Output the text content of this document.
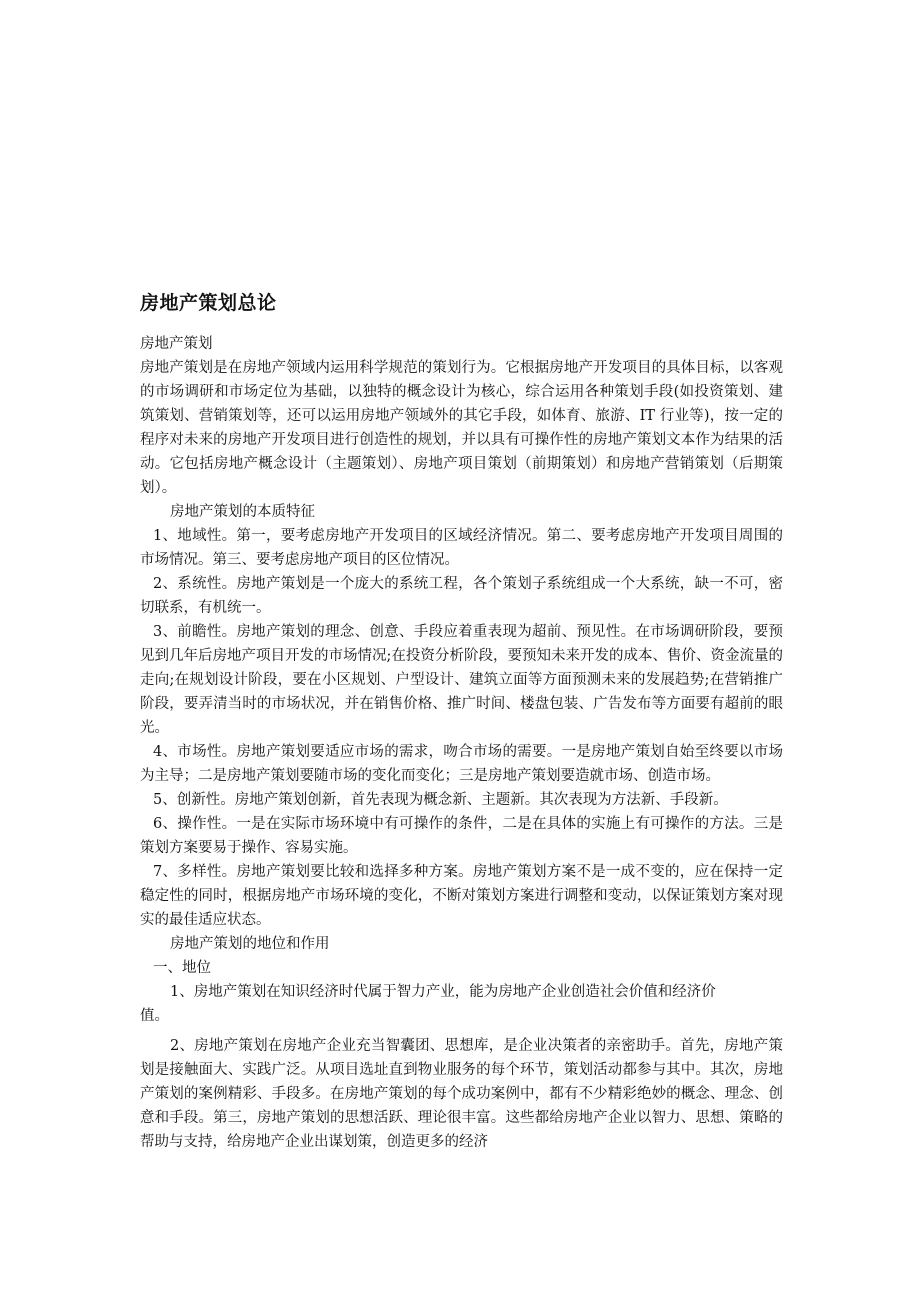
房地产策划总论

房地产策划

房地产策划是在房地产领域内运用科学规范的策划行为。它根据房地产开发项目的具体目标，以客观的市场调研和市场定位为基础，以独特的概念设计为核心，综合运用各种策划手段(如投资策划、建筑策划、营销策划等，还可以运用房地产领域外的其它手段，如体育、旅游、IT 行业等)，按一定的程序对未来的房地产开发项目进行创造性的规划，并以具有可操作性的房地产策划文本作为结果的活动。它包括房地产概念设计（主题策划）、房地产项目策划（前期策划）和房地产营销策划（后期策划）。

房地产策划的本质特征

1、地域性。第一，要考虑房地产开发项目的区域经济情况。第二、要考虑房地产开发项目周围的市场情况。第三、要考虑房地产项目的区位情况。

2、系统性。房地产策划是一个庞大的系统工程，各个策划子系统组成一个大系统，缺一不可，密切联系，有机统一。

3、前瞻性。房地产策划的理念、创意、手段应着重表现为超前、预见性。在市场调研阶段，要预见到几年后房地产项目开发的市场情况;在投资分析阶段，要预知未来开发的成本、售价、资金流量的走向;在规划设计阶段，要在小区规划、户型设计、建筑立面等方面预测未来的发展趋势;在营销推广阶段，要弄清当时的市场状况，并在销售价格、推广时间、楼盘包装、广告发布等方面要有超前的眼光。

4、市场性。房地产策划要适应市场的需求，吻合市场的需要。一是房地产策划自始至终要以市场为主导；二是房地产策划要随市场的变化而变化；三是房地产策划要造就市场、创造市场。

5、创新性。房地产策划创新，首先表现为概念新、主题新。其次表现为方法新、手段新。

6、操作性。一是在实际市场环境中有可操作的条件，二是在具体的实施上有可操作的方法。三是策划方案要易于操作、容易实施。

7、多样性。房地产策划要比较和选择多种方案。房地产策划方案不是一成不变的，应在保持一定稳定性的同时，根据房地产市场环境的变化，不断对策划方案进行调整和变动，以保证策划方案对现实的最佳适应状态。

房地产策划的地位和作用

一、地位

1、房地产策划在知识经济时代属于智力产业，能为房地产企业创造社会价值和经济价
值。

2、房地产策划在房地产企业充当智囊团、思想库，是企业决策者的亲密助手。首先，房地产策划是接触面大、实践广泛。从项目选址直到物业服务的每个环节，策划活动都参与其中。其次，房地产策划的案例精彩、手段多。在房地产策划的每个成功案例中，都有不少精彩绝妙的概念、理念、创意和手段。第三，房地产策划的思想活跃、理论很丰富。这些都给房地产企业以智力、思想、策略的帮助与支持，给房地产企业出谋划策，创造更多的经济
